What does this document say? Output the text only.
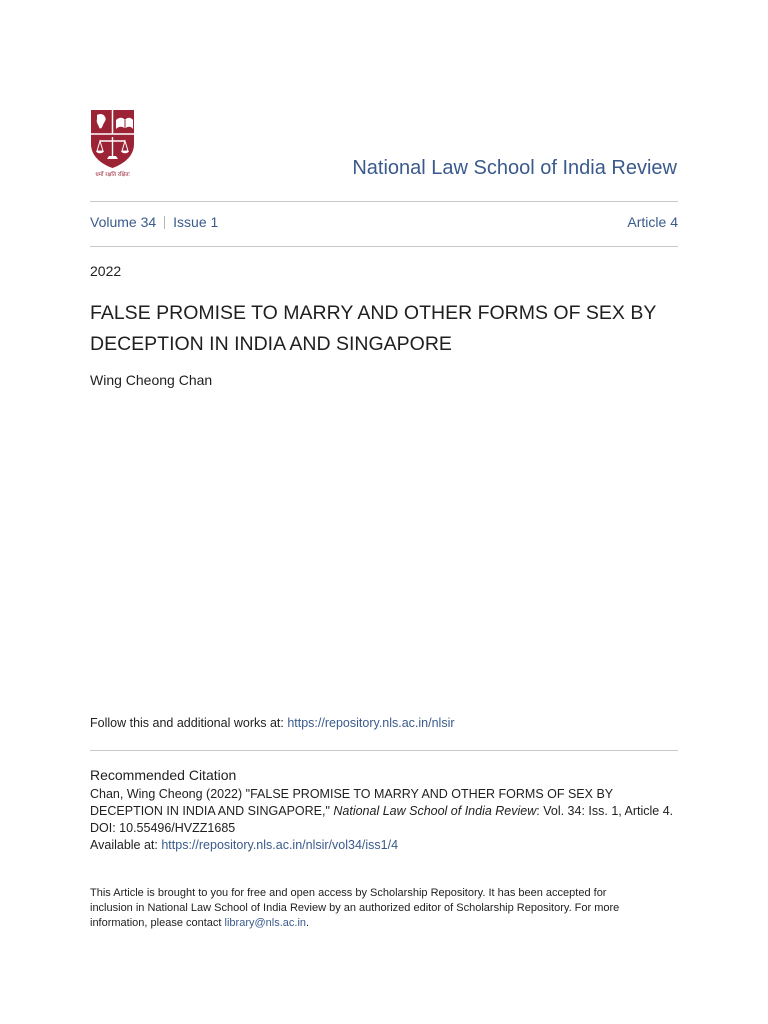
धर्मो रक्षति रक्षितः	National Law School of India Review
Volume 34 Issue 1	Article 4
2022
FALSE PROMISE TO MARRY AND OTHER FORMS OF SEX BY DECEPTION IN INDIA AND SINGAPORE
Wing Cheong Chan
Follow this and additional works at: https://repository.nls.ac.in/nlsir
Recommended Citation

Chan, Wing Cheong (2022) "FALSE PROMISE TO MARRY AND OTHER FORMS OF SEX BY DECEPTION IN INDIA AND SINGAPORE," National Law School of India Review: Vol. 34: Iss. 1, Article 4.

DOI: 10.55496/HVZZ1685

Available at: https://repository.nls.ac.in/nlsir/vol34/iss1/4

This Article is brought to you for free and open access by Scholarship Repository. It has been accepted for inclusion in National Law School of India Review by an authorized editor of Scholarship Repository. For more information, please contact library@nls.ac.in.
